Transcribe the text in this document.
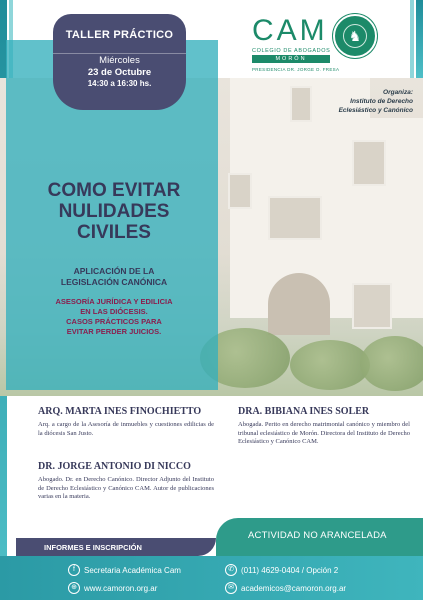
TALLER PRÁCTICO
Miércoles
23 de Octubre
14:30 a 16:30 hs.
CAM
COLEGIO DE ABOGADOS
MORÓN
PRESIDENCIA DR. JORGE O. FRESA
♞
Organiza:
Instituto de Derecho
Eclesiástico y Canónico
COMO EVITAR
NULIDADES
CIVILES
APLICACIÓN DE LA
LEGISLACIÓN CANÓNICA
ASESORÍA JURÍDICA Y EDILICIA
EN LAS DIÓCESIS.
CASOS PRÁCTICOS PARA
EVITAR PERDER JUICIOS.
ARQ. MARTA INES FINOCHIETTO
Arq. a cargo de la Asesoría de inmuebles y cuestiones edilicias de la diócesis San Justo.
DR. JORGE ANTONIO DI NICCO
Abogado. Dr. en Derecho Canónico. Director Adjunto del Instituto de Derecho Eclesiástico y Canónico CAM. Autor de publicaciones varias en la materia.
DRA. BIBIANA INES SOLER
Abogada. Perito en derecho matrimonial canónico y miembro del tribunal eclesiástico de Morón. Directora del Instituto de Derecho Eclesiástico y Canónico CAM.
ACTIVIDAD NO ARANCELADA
INFORMES E INSCRIPCIÓN
f	Secretaria Académica Cam
⊕ www.camoron.org.ar
✆ (011) 4629-0404 / Opción 2
✉ academicos@camoron.org.ar
